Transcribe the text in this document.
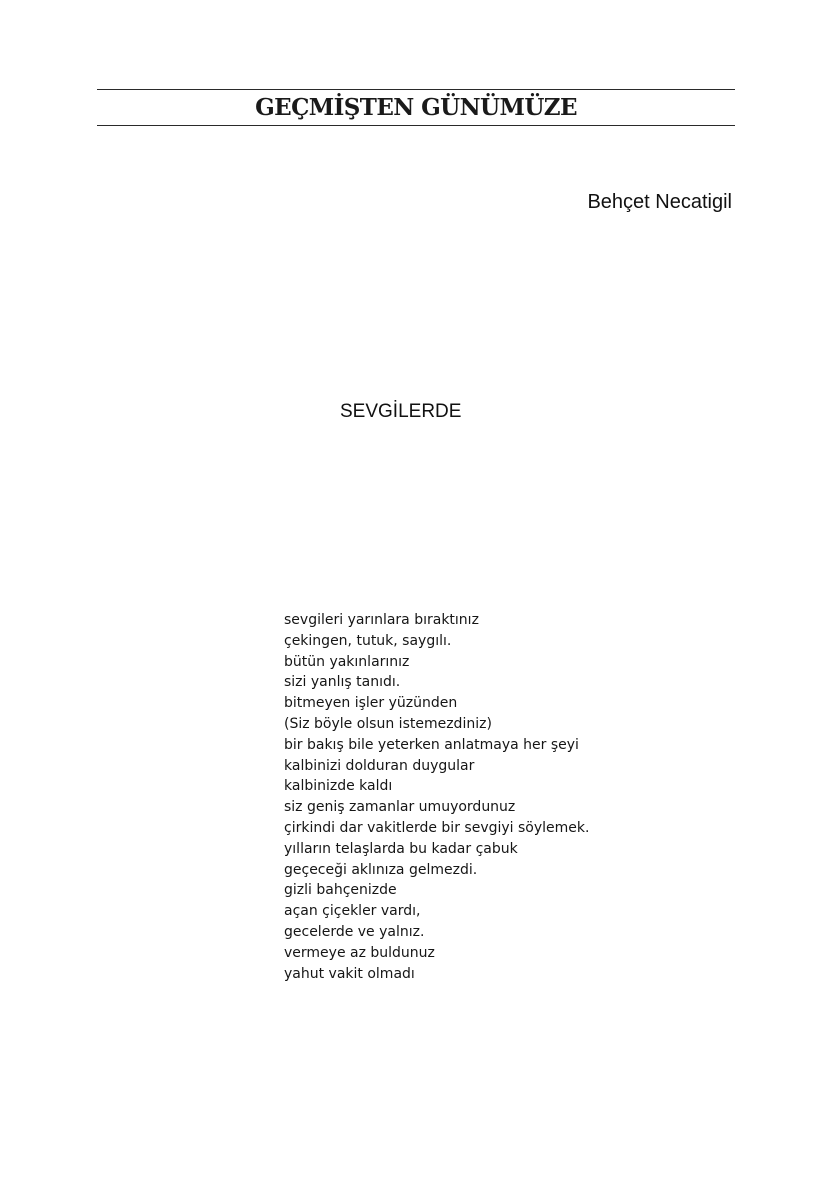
GEÇMİŞTEN GÜNÜMÜZE
Behçet Necatigil
SEVGİLERDE
sevgileri yarınlara bıraktınız
çekingen, tutuk, saygılı.
bütün yakınlarınız
sizi yanlış tanıdı.
bitmeyen işler yüzünden
(Siz böyle olsun istemezdiniz)
bir bakış bile yeterken anlatmaya her şeyi
kalbinizi dolduran duygular
kalbinizde kaldı
siz geniş zamanlar umuyordunuz
çirkindi dar vakitlerde bir sevgiyi söylemek.
yılların telaşlarda bu kadar çabuk
geçeceği aklınıza gelmezdi.
gizli bahçenizde
açan çiçekler vardı,
gecelerde ve yalnız.
vermeye az buldunuz
yahut vakit olmadı
